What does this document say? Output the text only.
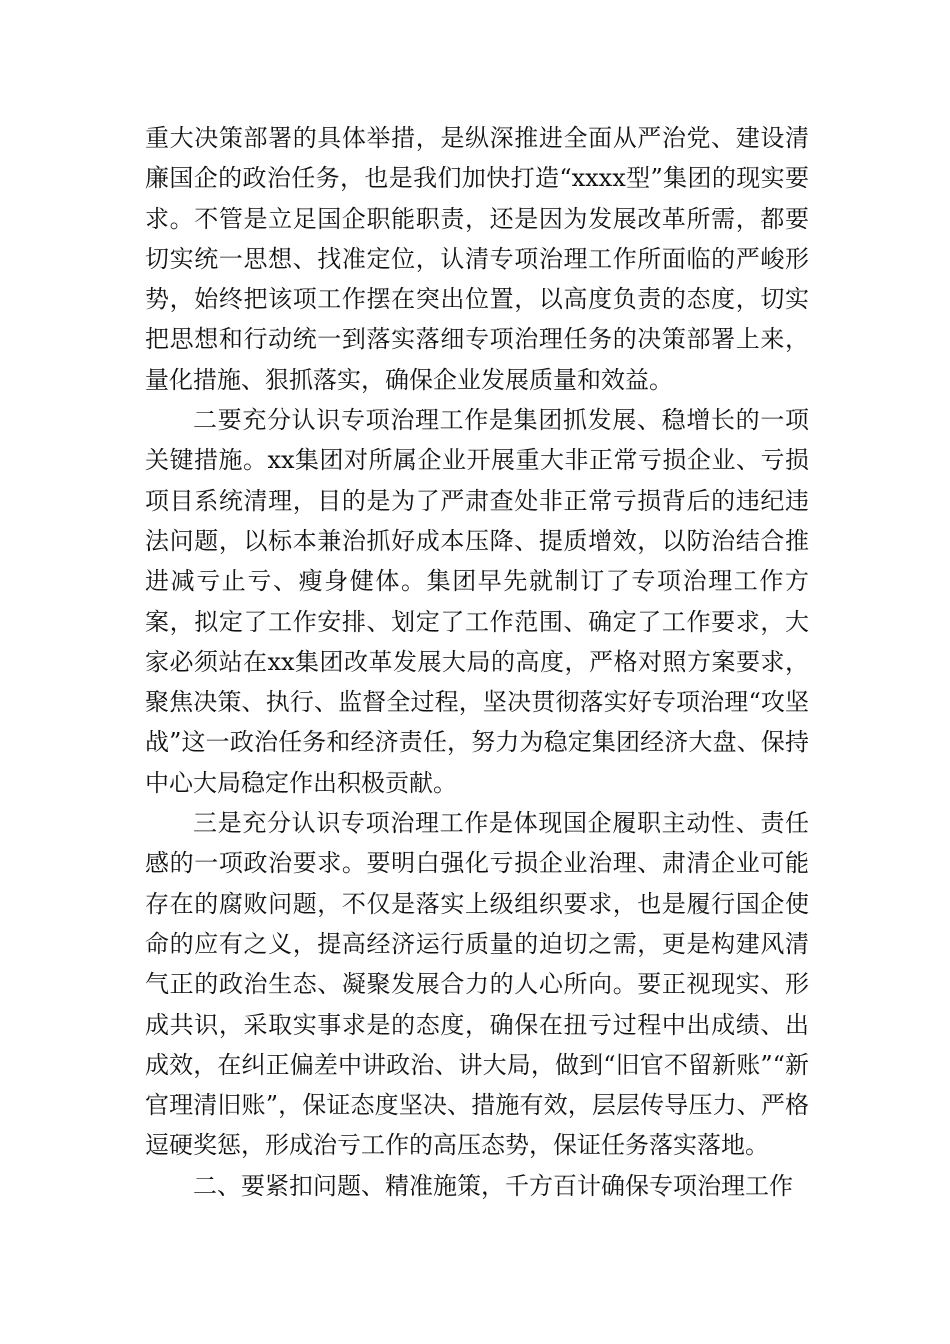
重大决策部署的具体举措，是纵深推进全面从严治党、建设清廉国企的政治任务，也是我们加快打造“xxxx型”集团的现实要求。不管是立足国企职能职责，还是因为发展改革所需，都要切实统一思想、找准定位，认清专项治理工作所面临的严峻形势，始终把该项工作摆在突出位置，以高度负责的态度，切实把思想和行动统一到落实落细专项治理任务的决策部署上来，量化措施、狠抓落实，确保企业发展质量和效益。

二要充分认识专项治理工作是集团抓发展、稳增长的一项关键措施。xx集团对所属企业开展重大非正常亏损企业、亏损项目系统清理，目的是为了严肃查处非正常亏损背后的违纪违法问题，以标本兼治抓好成本压降、提质增效，以防治结合推进减亏止亏、瘦身健体。集团早先就制订了专项治理工作方案，拟定了工作安排、划定了工作范围、确定了工作要求，大家必须站在xx集团改革发展大局的高度，严格对照方案要求，聚焦决策、执行、监督全过程，坚决贯彻落实好专项治理“攻坚战”这一政治任务和经济责任，努力为稳定集团经济大盘、保持中心大局稳定作出积极贡献。

三是充分认识专项治理工作是体现国企履职主动性、责任感的一项政治要求。要明白强化亏损企业治理、肃清企业可能存在的腐败问题，不仅是落实上级组织要求，也是履行国企使命的应有之义，提高经济运行质量的迫切之需，更是构建风清气正的政治生态、凝聚发展合力的人心所向。要正视现实、形成共识，采取实事求是的态度，确保在扭亏过程中出成绩、出成效，在纠正偏差中讲政治、讲大局，做到“旧官不留新账”“新官理清旧账”，保证态度坚决、措施有效，层层传导压力、严格逗硬奖惩，形成治亏工作的高压态势，保证任务落实落地。

二、要紧扣问题、精准施策，千方百计确保专项治理工作
